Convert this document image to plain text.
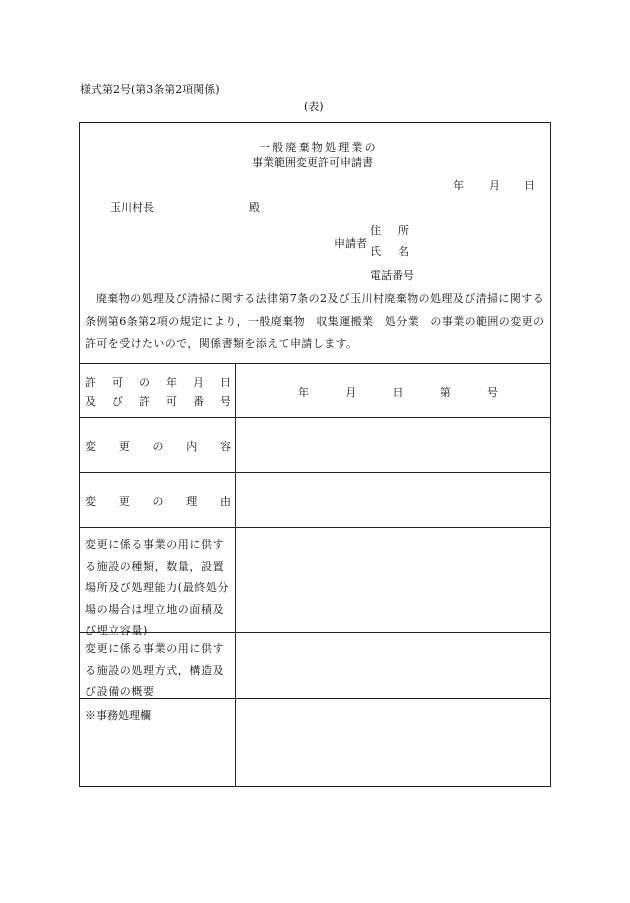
様式第2号(第3条第2項関係)
(表)
一般廃棄物処理業の
事業範囲変更許可申請書
年 月 日
玉川村長	殿
申請者
住所
氏名
電話番号
廃棄物の処理及び清掃に関する法律第7条の2及び玉川村廃棄物の処理及び清掃に関する条例第6条第2項の規定により，一般廃棄物　収集運搬業　処分業　の事業の範囲の変更の許可を受けたいので，関係書類を添えて申請します。
許 可 の 年 月 日
及 び 許 可 番 号
年	月	日	第	号
変 更 の 内 容
変 更 の 理 由
変更に係る事業の用に供する施設の種類，数量，設置場所及び処理能力(最終処分場の場合は埋立地の面積及び埋立容量)
変更に係る事業の用に供する施設の処理方式，構造及び設備の概要
※事務処理欄
